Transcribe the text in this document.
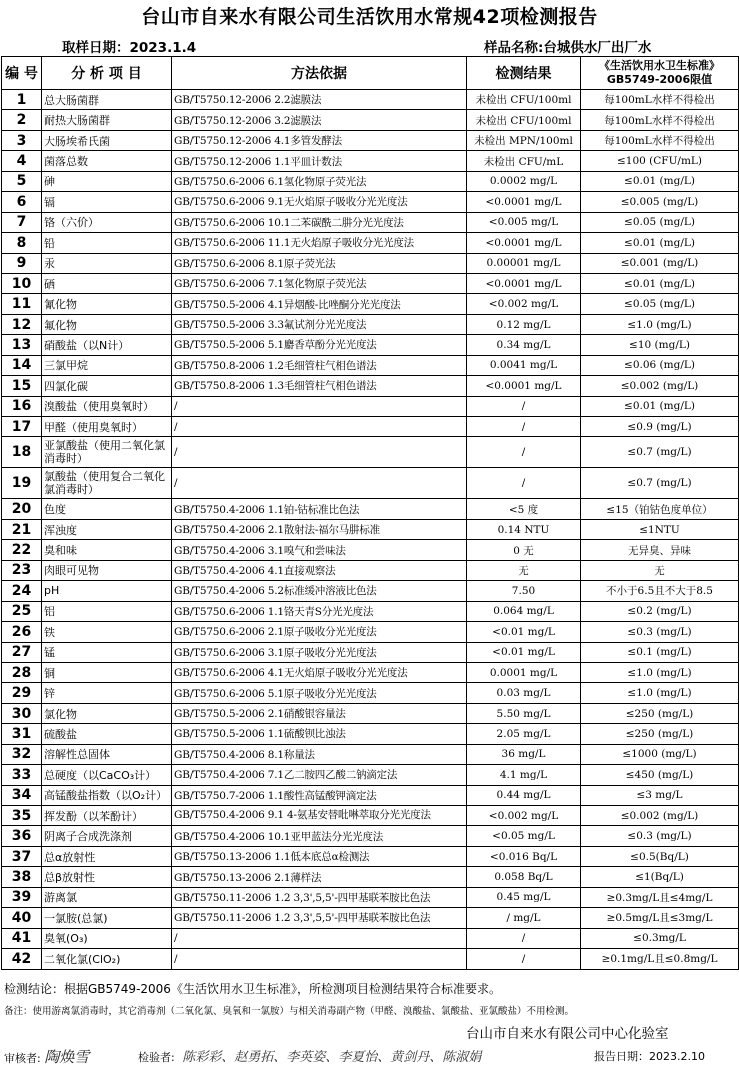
台山市自来水有限公司生活饮用水常规42项检测报告
取样日期：2023.1.4	样品名称:台城供水厂出厂水
编 号	分 析 项 目	方法依据	检测结果	《生活饮用水卫生标准》
GB5749-2006限值
1	总大肠菌群	GB/T5750.12-2006 2.2滤膜法	未检出 CFU/100ml	每100mL水样不得检出
2	耐热大肠菌群	GB/T5750.12-2006 3.2滤膜法	未检出 CFU/100ml	每100mL水样不得检出
3	大肠埃希氏菌	GB/T5750.12-2006 4.1多管发酵法	未检出 MPN/100ml	每100mL水样不得检出
4	菌落总数	GB/T5750.12-2006 1.1平皿计数法	未检出 CFU/mL	≤100 (CFU/mL)
5	砷	GB/T5750.6-2006 6.1氢化物原子荧光法	0.0002 mg/L	≤0.01 (mg/L)
6	镉	GB/T5750.6-2006 9.1无火焰原子吸收分光光度法	<0.0001 mg/L	≤0.005 (mg/L)
7	铬（六价）	GB/T5750.6-2006 10.1二苯碳酰二肼分光光度法	<0.005 mg/L	≤0.05 (mg/L)
8	铅	GB/T5750.6-2006 11.1无火焰原子吸收分光光度法	<0.0001 mg/L	≤0.01 (mg/L)
9	汞	GB/T5750.6-2006 8.1原子荧光法	0.00001 mg/L	≤0.001 (mg/L)
10	硒	GB/T5750.6-2006 7.1氢化物原子荧光法	<0.0001 mg/L	≤0.01 (mg/L)
11	氰化物	GB/T5750.5-2006 4.1异烟酸-比唑酮分光光度法	<0.002 mg/L	≤0.05 (mg/L)
12	氟化物	GB/T5750.5-2006 3.3氟试剂分光光度法	0.12 mg/L	≤1.0 (mg/L)
13	硝酸盐（以N计）	GB/T5750.5-2006 5.1麝香草酚分光光度法	0.34 mg/L	≤10 (mg/L)
14	三氯甲烷	GB/T5750.8-2006 1.2毛细管柱气相色谱法	0.0041 mg/L	≤0.06 (mg/L)
15	四氯化碳	GB/T5750.8-2006 1.3毛细管柱气相色谱法	<0.0001 mg/L	≤0.002 (mg/L)
16	溴酸盐（使用臭氧时）	/	/	≤0.01 (mg/L)
17	甲醛（使用臭氧时）	/	/	≤0.9 (mg/L)
18	亚氯酸盐（使用二氧化氯消毒时）	/	/	≤0.7 (mg/L)
19	氯酸盐（使用复合二氧化氯消毒时）	/	/	≤0.7 (mg/L)
20	色度	GB/T5750.4-2006 1.1铂-钴标准比色法	<5 度	≤15（铂钴色度单位）
21	浑浊度	GB/T5750.4-2006 2.1散射法-福尔马肼标准	0.14 NTU	≤1NTU
22	臭和味	GB/T5750.4-2006 3.1嗅气和尝味法	0 无	无异臭、异味
23	肉眼可见物	GB/T5750.4-2006 4.1直接观察法	无	无
24	pH	GB/T5750.4-2006 5.2标准缓冲溶液比色法	7.50	不小于6.5且不大于8.5
25	铝	GB/T5750.6-2006 1.1铬天青S分光光度法	0.064 mg/L	≤0.2 (mg/L)
26	铁	GB/T5750.6-2006 2.1原子吸收分光光度法	<0.01 mg/L	≤0.3 (mg/L)
27	锰	GB/T5750.6-2006 3.1原子吸收分光光度法	<0.01 mg/L	≤0.1 (mg/L)
28	铜	GB/T5750.6-2006 4.1无火焰原子吸收分光光度法	0.0001 mg/L	≤1.0 (mg/L)
29	锌	GB/T5750.6-2006 5.1原子吸收分光光度法	0.03 mg/L	≤1.0 (mg/L)
30	氯化物	GB/T5750.5-2006 2.1硝酸银容量法	5.50 mg/L	≤250 (mg/L)
31	硫酸盐	GB/T5750.5-2006 1.1硫酸钡比浊法	2.05 mg/L	≤250 (mg/L)
32	溶解性总固体	GB/T5750.4-2006 8.1称量法	36 mg/L	≤1000 (mg/L)
33	总硬度（以CaCO₃计）	GB/T5750.4-2006 7.1乙二胺四乙酸二钠滴定法	4.1 mg/L	≤450 (mg/L)
34	高锰酸盐指数（以O₂计）	GB/T5750.7-2006 1.1酸性高锰酸钾滴定法	0.44 mg/L	≤3 mg/L
35	挥发酚（以苯酚计）	GB/T5750.4-2006 9.1 4-氨基安替吡啉萃取分光光度法	<0.002 mg/L	≤0.002 (mg/L)
36	阴离子合成洗涤剂	GB/T5750.4-2006 10.1亚甲蓝法分光光度法	<0.05 mg/L	≤0.3 (mg/L)
37	总α放射性	GB/T5750.13-2006 1.1低本底总α检测法	<0.016 Bq/L	≤0.5(Bq/L)
38	总β放射性	GB/T5750.13-2006 2.1薄样法	0.058 Bq/L	≤1(Bq/L)
39	游离氯	GB/T5750.11-2006 1.2 3,3',5,5'-四甲基联苯胺比色法	0.45 mg/L	≥0.3mg/L且≤4mg/L
40	一氯胺(总氯)	GB/T5750.11-2006 1.2 3,3',5,5'-四甲基联苯胺比色法	/ mg/L	≥0.5mg/L且≤3mg/L
41	臭氧(O₃)	/	/	≤0.3mg/L
42	二氧化氯(ClO₂)	/	/	≥0.1mg/L且≤0.8mg/L
检测结论：根据GB5749-2006《生活饮用水卫生标准》，所检测项目检测结果符合标准要求。
备注：使用游离氯消毒时，其它消毒剂（二氧化氯、臭氧和一氯胺）与相关消毒副产物（甲醛、溴酸盐、氯酸盐、亚氯酸盐）不用检测。
台山市自来水有限公司中心化验室
审核者: 陶焕雪	检验者: 陈彩彩、赵勇拓、李英姿、李夏怡、黄剑丹、陈淑娟	报告日期：2023.2.10
